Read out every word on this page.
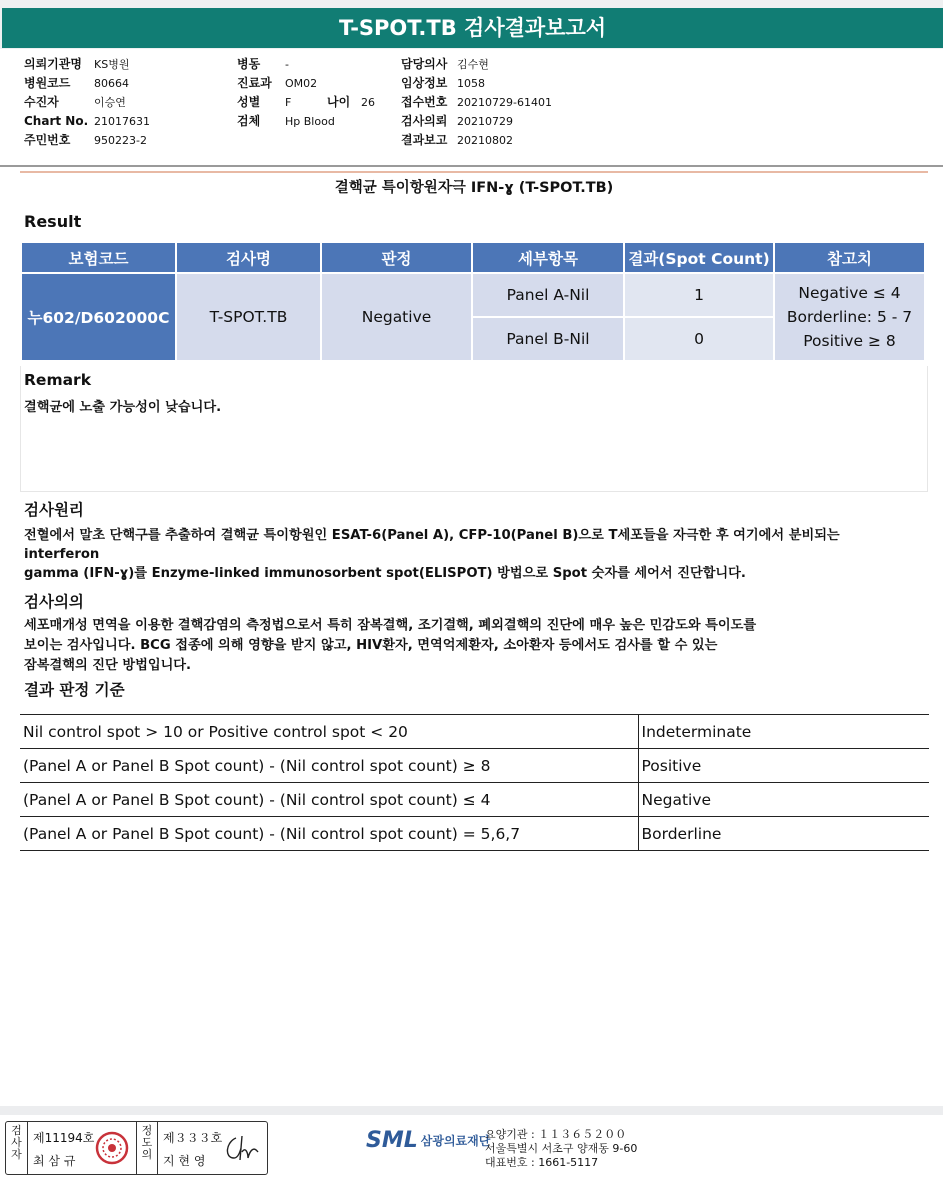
T-SPOT.TB 검사결과보고서
의뢰기관명	KS병원
병원코드	80664
수진자	이승연
Chart No. 21017631
주민번호	950223-2
병동	-
진료과	OM02
성별	F	나이 26
검체	Hp Blood
담당의사 김수현
임상정보 1058
접수번호 20210729-61401
검사의뢰 20210729
결과보고 20210802
결핵균 특이항원자극 IFN-ɣ (T-SPOT.TB)
Result
보험코드	검사명	판정	세부항목	결과(Spot Count)	참고치
누602/D602000C	T-SPOT.TB	Negative	Panel A-Nil	1	Negative ≤ 4
Borderline: 5 - 7
Positive ≥ 8

			Panel B-Nil	0	
Remark
결핵균에 노출 가능성이 낮습니다.
검사원리
전혈에서 말초 단핵구를 추출하여 결핵균 특이항원인 ESAT-6(Panel A), CFP-10(Panel B)으로 T세포들을 자극한 후 여기에서 분비되는
interferon
gamma (IFN-ɣ)를 Enzyme-linked immunosorbent spot(ELISPOT) 방법으로 Spot 숫자를 세어서 진단합니다.
검사의의
세포매개성 면역을 이용한 결핵감염의 측정법으로서 특히 잠복결핵, 조기결핵, 폐외결핵의 진단에 매우 높은 민감도와 특이도를
보이는 검사입니다. BCG 접종에 의해 영향을 받지 않고, HIV환자, 면역억제환자, 소아환자 등에서도 검사를 할 수 있는
잠복결핵의 진단 방법입니다.
결과 판정 기준
Nil control spot > 10 or Positive control spot < 20	Indeterminate
(Panel A or Panel B Spot count) - (Nil control spot count) ≥ 8	Positive
(Panel A or Panel B Spot count) - (Nil control spot count) ≤ 4	Negative
(Panel A or Panel B Spot count) - (Nil control spot count) = 5,6,7	Borderline
검
사
자
제11194호
최 삼 규
정
도
의
제３３３호
지 현 영
SML 삼광의료재단
요양기관 : １１３６５２００
서울특별시 서초구 양재동 9-60
대표번호 : 1661-5117
